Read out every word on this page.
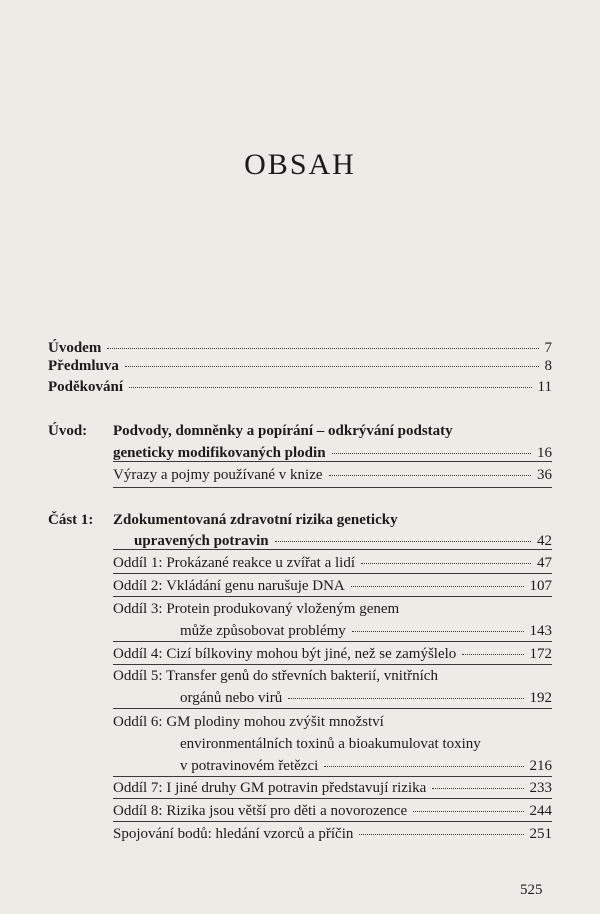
OBSAH
Úvodem	7
Předmluva	8
Poděkování	11
Úvod: Podvody, domněnky a popírání – odkrývání podstaty
geneticky modifikovaných plodin	16
Výrazy a pojmy používané v knize	36
Část 1: Zdokumentovaná zdravotní rizika geneticky
upravených potravin	42
Oddíl 1: Prokázané reakce u zvířat a lidí	47
Oddíl 2: Vkládání genu narušuje DNA	107
Oddíl 3: Protein produkovaný vloženým genem
může způsobovat problémy	143
Oddíl 4: Cizí bílkoviny mohou být jiné, než se zamýšlelo	172
Oddíl 5: Transfer genů do střevních bakterií, vnitřních
orgánů nebo virů	192
Oddíl 6: GM plodiny mohou zvýšit množství
environmentálních toxinů a bioakumulovat toxiny
v potravinovém řetězci	216
Oddíl 7: I jiné druhy GM potravin představují rizika	233
Oddíl 8: Rizika jsou větší pro děti a novorozence	244
Spojování bodů: hledání vzorců a příčin	251
525
